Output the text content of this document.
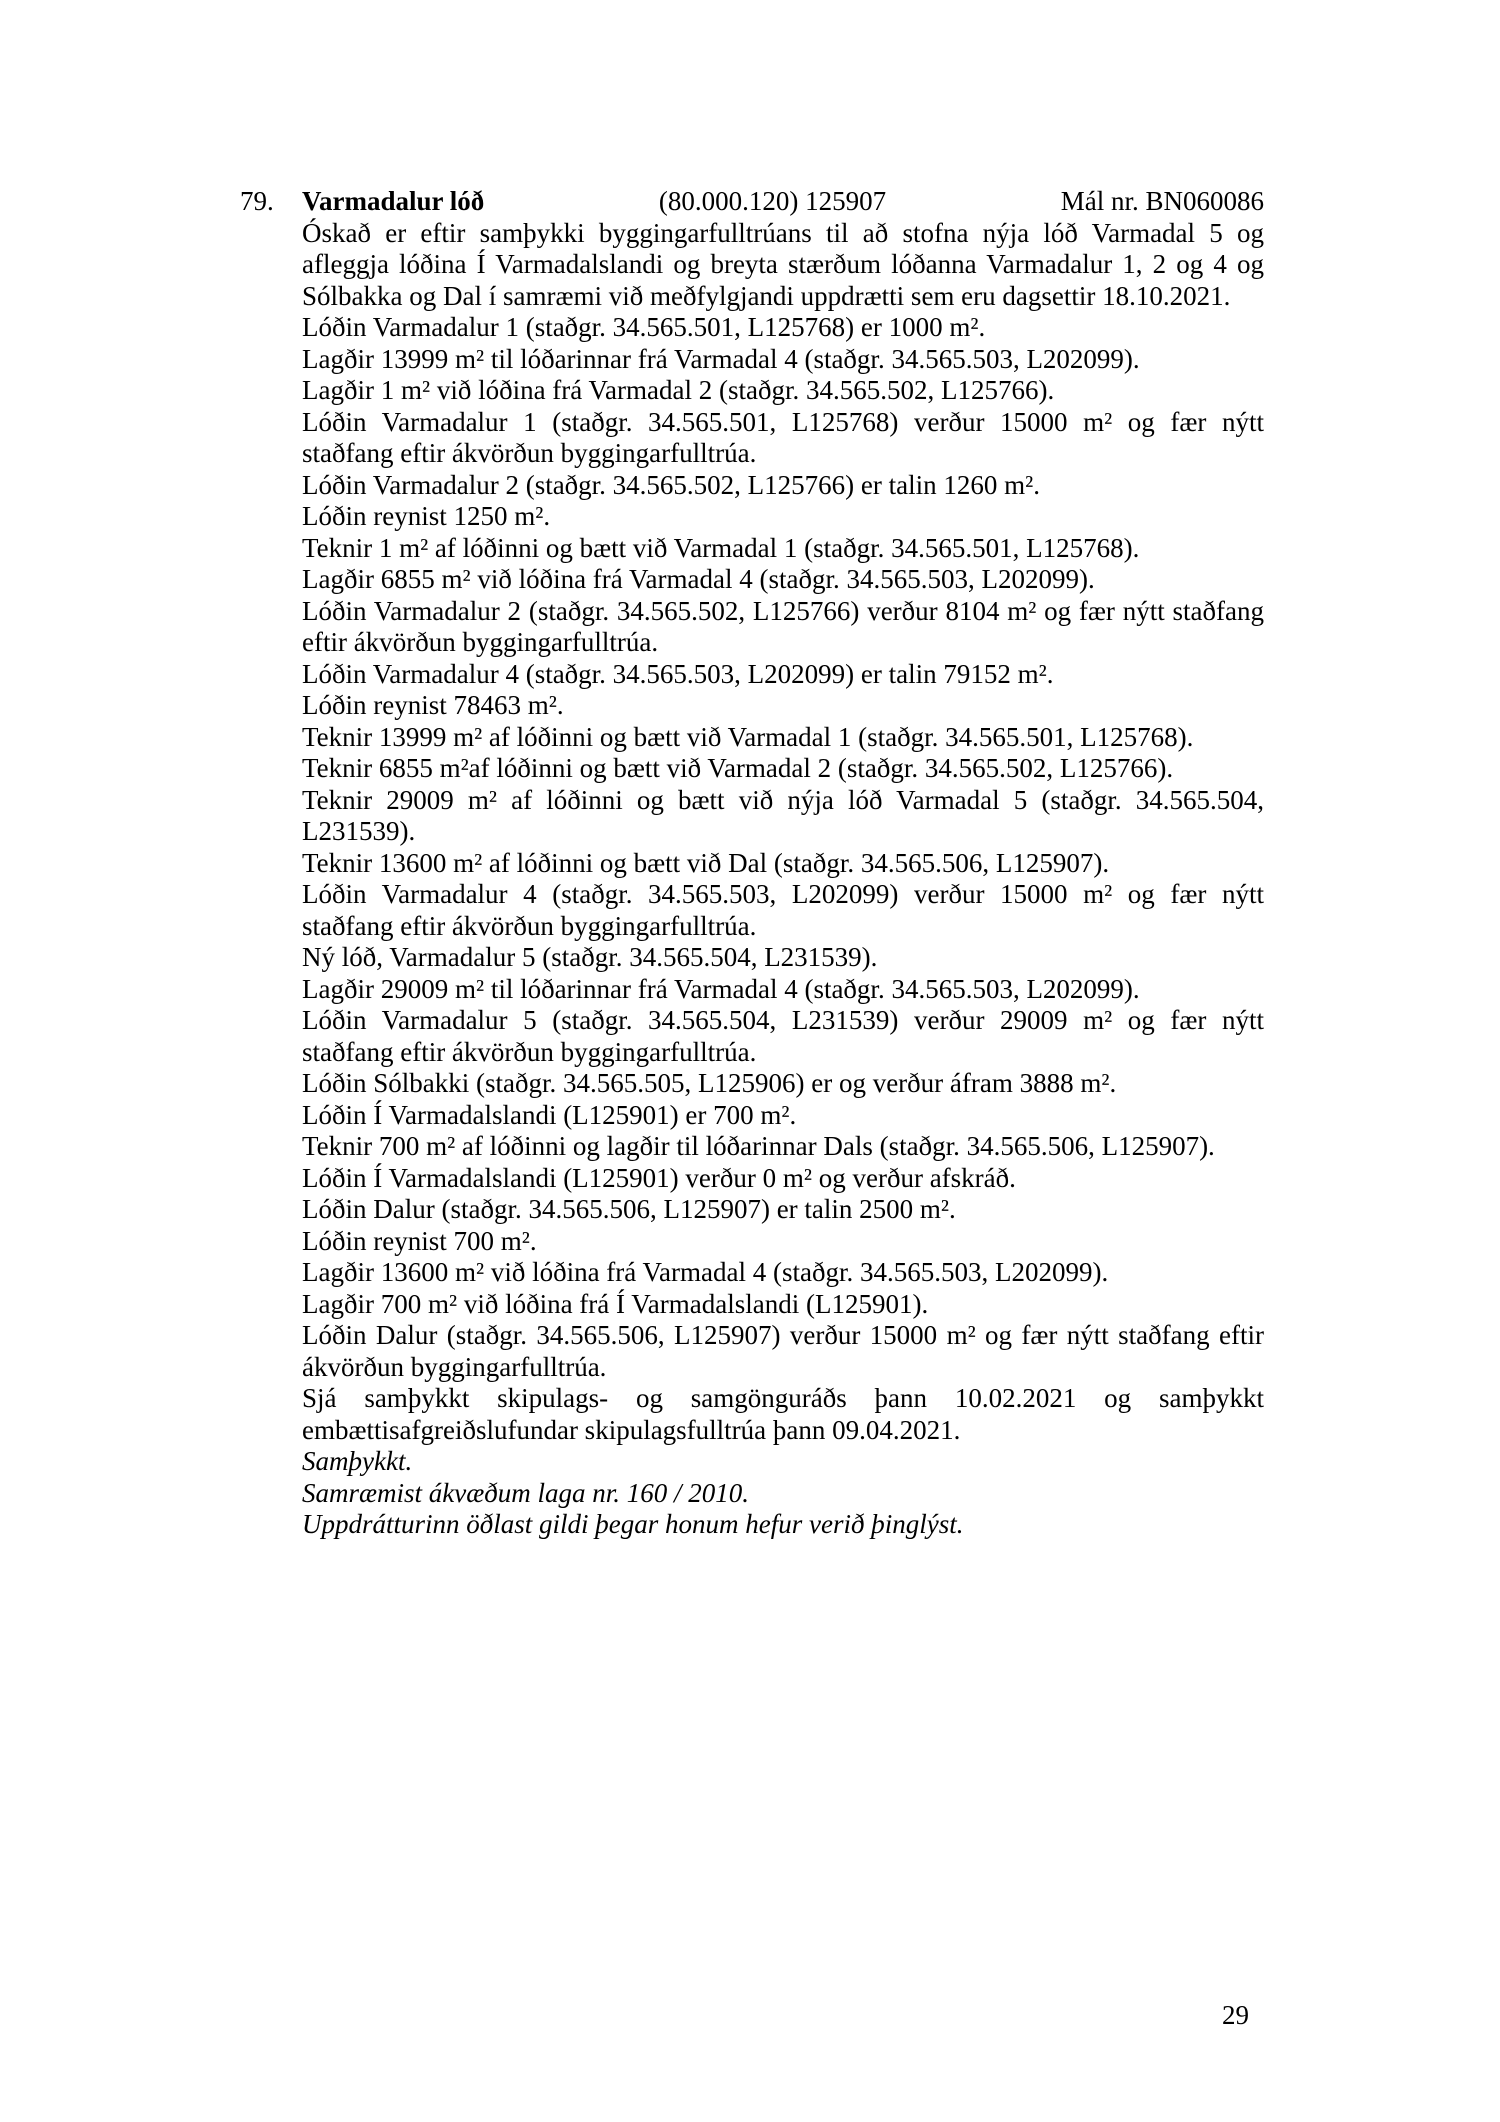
79. Varmadalur lóð	(80.000.120) 125907	Mál nr. BN060086

Óskað er eftir samþykki byggingarfulltrúans til að stofna nýja lóð Varmadal 5 og afleggja lóðina Í Varmadalslandi og breyta stærðum lóðanna Varmadalur 1, 2 og 4 og Sólbakka og Dal í samræmi við meðfylgjandi uppdrætti sem eru dagsettir 18.10.2021.

Lóðin Varmadalur 1 (staðgr. 34.565.501, L125768) er 1000 m².

Lagðir 13999 m² til lóðarinnar frá Varmadal 4 (staðgr. 34.565.503, L202099).

Lagðir 1 m² við lóðina frá Varmadal 2 (staðgr. 34.565.502, L125766).

Lóðin Varmadalur 1 (staðgr. 34.565.501, L125768) verður 15000 m² og fær nýtt staðfang eftir ákvörðun byggingarfulltrúa.

Lóðin Varmadalur 2 (staðgr. 34.565.502, L125766) er talin 1260 m².

Lóðin reynist 1250 m².

Teknir 1 m² af lóðinni og bætt við Varmadal 1 (staðgr. 34.565.501, L125768).

Lagðir 6855 m² við lóðina frá Varmadal 4 (staðgr. 34.565.503, L202099).

Lóðin Varmadalur 2 (staðgr. 34.565.502, L125766) verður 8104 m² og fær nýtt staðfang eftir ákvörðun byggingarfulltrúa.

Lóðin Varmadalur 4 (staðgr. 34.565.503, L202099) er talin 79152 m².

Lóðin reynist 78463 m².

Teknir 13999 m² af lóðinni og bætt við Varmadal 1 (staðgr. 34.565.501, L125768).

Teknir 6855 m²af lóðinni og bætt við Varmadal 2 (staðgr. 34.565.502, L125766).

Teknir 29009 m² af lóðinni og bætt við nýja lóð Varmadal 5 (staðgr. 34.565.504, L231539).

Teknir 13600 m² af lóðinni og bætt við Dal (staðgr. 34.565.506, L125907).

Lóðin Varmadalur 4 (staðgr. 34.565.503, L202099) verður 15000 m² og fær nýtt staðfang eftir ákvörðun byggingarfulltrúa.

Ný lóð, Varmadalur 5 (staðgr. 34.565.504, L231539).

Lagðir 29009 m² til lóðarinnar frá Varmadal 4 (staðgr. 34.565.503, L202099).

Lóðin Varmadalur 5 (staðgr. 34.565.504, L231539) verður 29009 m² og fær nýtt staðfang eftir ákvörðun byggingarfulltrúa.

Lóðin Sólbakki (staðgr. 34.565.505, L125906) er og verður áfram 3888 m².

Lóðin Í Varmadalslandi (L125901) er 700 m².

Teknir 700 m² af lóðinni og lagðir til lóðarinnar Dals (staðgr. 34.565.506, L125907).

Lóðin Í Varmadalslandi (L125901) verður 0 m² og verður afskráð.

Lóðin Dalur (staðgr. 34.565.506, L125907) er talin 2500 m².

Lóðin reynist 700 m².

Lagðir 13600 m² við lóðina frá Varmadal 4 (staðgr. 34.565.503, L202099).

Lagðir 700 m² við lóðina frá Í Varmadalslandi (L125901).

Lóðin Dalur (staðgr. 34.565.506, L125907) verður 15000 m² og fær nýtt staðfang eftir ákvörðun byggingarfulltrúa.

Sjá samþykkt skipulags- og samgönguráðs þann 10.02.2021 og samþykkt embættisafgreiðslufundar skipulagsfulltrúa þann 09.04.2021.

Samþykkt.

Samræmist ákvæðum laga nr. 160 / 2010.

Uppdrátturinn öðlast gildi þegar honum hefur verið þinglýst.

29
